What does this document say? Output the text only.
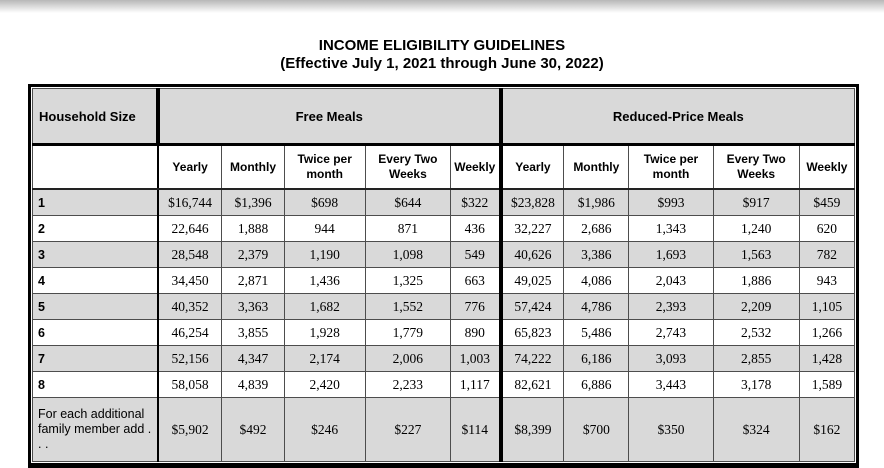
INCOME ELIGIBILITY GUIDELINES
(Effective July 1, 2021 through June 30, 2022)
Household Size	Free Meals					Reduced-Price Meals				
	Yearly	Monthly	Twice per month	Every Two Weeks	Weekly	Yearly	Monthly	Twice per month	Every Two Weeks	Weekly
1	$16,744	$1,396	$698	$644	$322	$23,828	$1,986	$993	$917	$459
2	22,646	1,888	944	871	436	32,227	2,686	1,343	1,240	620
3	28,548	2,379	1,190	1,098	549	40,626	3,386	1,693	1,563	782
4	34,450	2,871	1,436	1,325	663	49,025	4,086	2,043	1,886	943
5	40,352	3,363	1,682	1,552	776	57,424	4,786	2,393	2,209	1,105
6	46,254	3,855	1,928	1,779	890	65,823	5,486	2,743	2,532	1,266
7	52,156	4,347	2,174	2,006	1,003	74,222	6,186	3,093	2,855	1,428
8	58,058	4,839	2,420	2,233	1,117	82,621	6,886	3,443	3,178	1,589
For each additional family member add . . .	$5,902	$492	$246	$227	$114	$8,399	$700	$350	$324	$162
